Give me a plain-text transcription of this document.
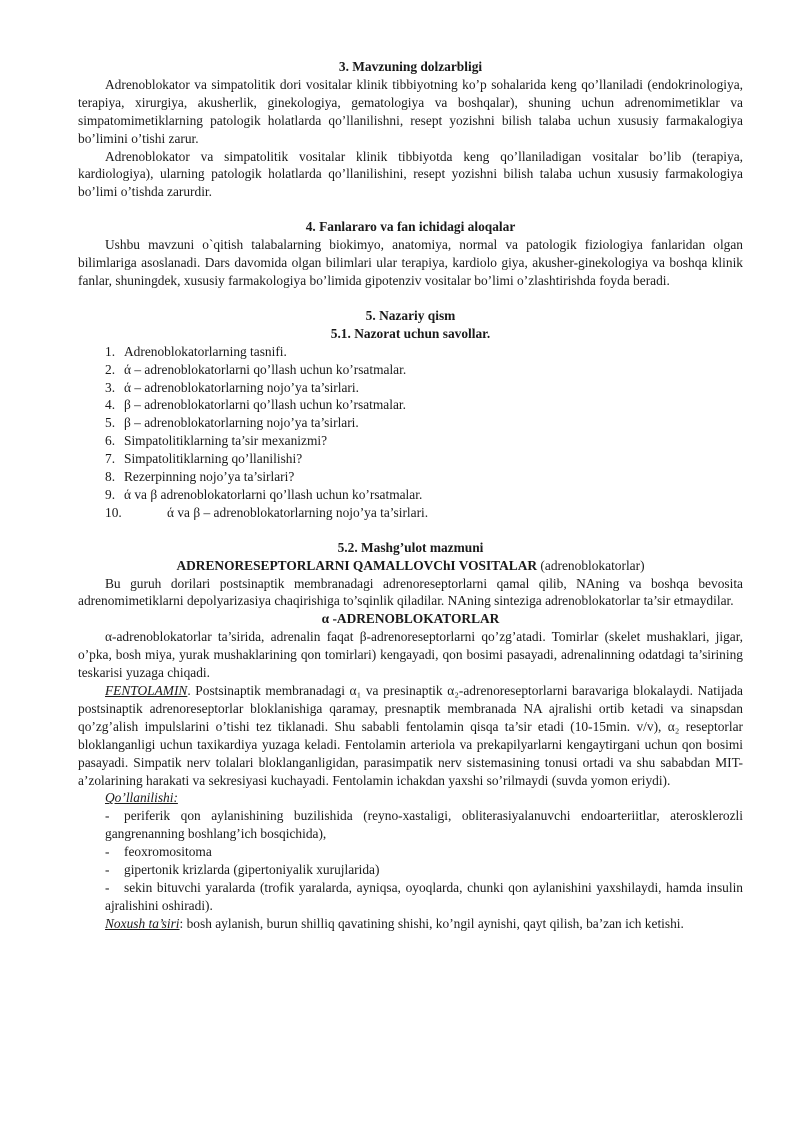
3. Mavzuning dolzarbligi

Adrenoblokator va simpatolitik dori vositalar klinik tibbiyotning ko’p sohalarida keng qo’llaniladi (endokrinologiya, terapiya, xirurgiya, akusherlik, ginekologiya, gematologiya va boshqalar), shuning uchun adrenomimetiklar va simpatomimetiklarning patologik holatlarda qo’llanilishni, resept yozishni bilish talaba uchun xususiy farmakalogiya bo’limini o’tishi zarur.

Adrenoblokator va simpatolitik vositalar klinik tibbiyotda keng qo’llaniladigan vositalar bo’lib (terapiya, kardiologiya), ularning patologik holatlarda qo’llanilishini, resept yozishni bilish talaba uchun xususiy farmakologiya bo’limi o’tishda zarurdir.

4. Fanlararo va fan ichidagi aloqalar

Ushbu mavzuni o`qitish talabalarning biokimyo, anatomiya, normal va patologik fiziologiya fanlaridan olgan bilimlariga asoslanadi. Dars davomida olgan bilimlari ular terapiya, kardiolo giya, akusher-ginekologiya va boshqa klinik fanlar, shuningdek, xususiy farmakologiya bo’limida gipotenziv vositalar bo’limi o’zlashtirishda foyda beradi.

5. Nazariy qism
5.1. Nazorat uchun savollar.
1. Adrenoblokatorlarning tasnifi.
2. ά – adrenoblokatorlarni qo’llash uchun ko’rsatmalar.
3. ά – adrenoblokatorlarning nojo’ya ta’sirlari.
4. β – adrenoblokatorlarni qo’llash uchun ko’rsatmalar.
5. β – adrenoblokatorlarning nojo’ya ta’sirlari.
6. Simpatolitiklarning ta’sir mexanizmi?
7. Simpatolitiklarning qo’llanilishi?
8. Rezerpinning nojo’ya ta’sirlari?
9. ά va β adrenoblokatorlarni qo’llash uchun ko’rsatmalar.
10.	ά va β – adrenoblokatorlarning nojo’ya ta’sirlari.
5.2. Mashg’ulot mazmuni
ADRENORESEPTORLARNI QAMALLOVChI VOSITALAR (adrenoblokatorlar)

Bu guruh dorilari postsinaptik membranadagi adrenoreseptorlarni qamal qilib, NAning va boshqa bevosita adrenomimetiklarni depolyarizasiya chaqirishiga to’sqinlik qiladilar. NAning sinteziga adrenoblokatorlar ta’sir etmaydilar.

α -ADRENOBLOKATORLAR

α-adrenoblokatorlar ta’sirida, adrenalin faqat β-adrenoreseptorlarni qo’zg’atadi. Tomirlar (skelet mushaklari, jigar, o’pka, bosh miya, yurak mushaklarining qon tomirlari) kengayadi, qon bosimi pasayadi, adrenalinning odatdagi ta’sirining teskarisi yuzaga chiqadi.

FENTOLAMIN. Postsinaptik membranadagi α₁ va presinaptik α₂-adrenoreseptorlarni baravariga blokalaydi. Natijada postsinaptik adrenoreseptorlar bloklanishiga qaramay, presnaptik membranada NA ajralishi ortib ketadi va sinapsdan qo’zg’alish impulslarini o’tishi tez tiklanadi. Shu sababli fentolamin qisqa ta’sir etadi (10-15min. v/v), α₂ reseptorlar bloklanganligi uchun taxikardiya yuzaga keladi. Fentolamin arteriola va prekapilyarlarni kengaytirgani uchun qon bosimi pasayadi. Simpatik nerv tolalari bloklanganligidan, parasimpatik nerv sistemasining tonusi ortadi va shu sababdan MIT-a’zolarining harakati va sekresiyasi kuchayadi. Fentolamin ichakdan yaxshi so’rilmaydi (suvda yomon eriydi).

Qo’llanilishi:

- periferik qon aylanishining buzilishida (reyno-xastaligi, obliterasiyalanuvchi endoarteriitlar, aterosklerozli gangrenanning boshlang’ich bosqichida),
- feoxromositoma
- gipertonik krizlarda (gipertoniyalik xurujlarida)
- sekin bituvchi yaralarda (trofik yaralarda, ayniqsa, oyoqlarda, chunki qon aylanishini yaxshilaydi, hamda insulin ajralishini oshiradi).

Noxush ta’siri: bosh aylanish, burun shilliq qavatining shishi, ko’ngil aynishi, qayt qilish, ba’zan ich ketishi.
